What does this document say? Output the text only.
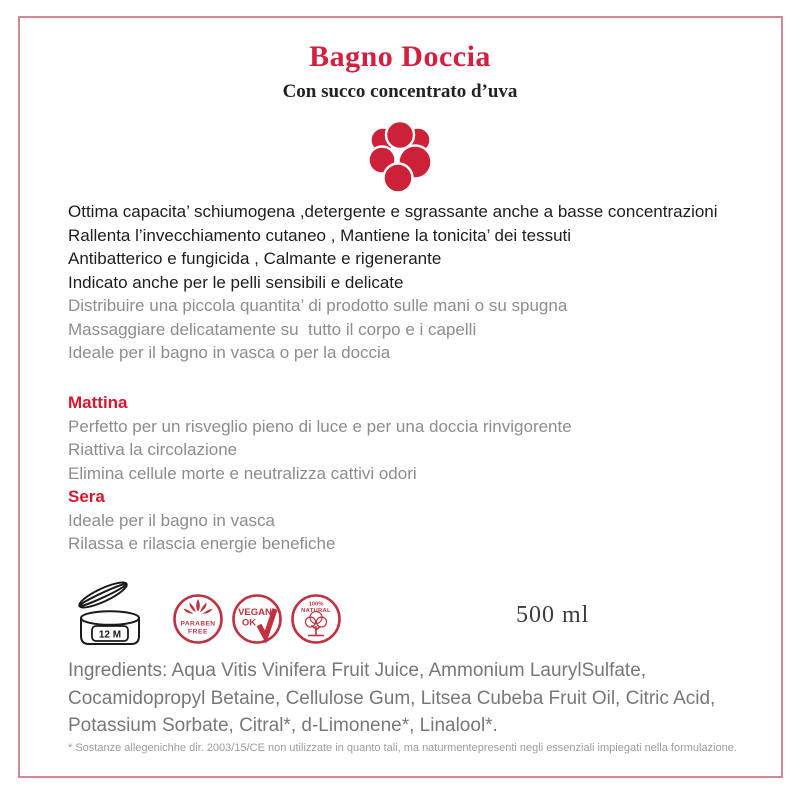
Bagno Doccia
Con succo concentrato d’uva
Ottima capacita’ schiumogena ,detergente e sgrassante anche a basse concentrazioni
Rallenta l’invecchiamento cutaneo , Mantiene la tonicita’ dei tessuti
Antibatterico e fungicida , Calmante e rigenerante
Indicato anche per le pelli sensibili e delicate
Distribuire una piccola quantita’ di prodotto sulle mani o su spugna
Massaggiare delicatamente su  tutto il corpo e i capelli
Ideale per il bagno in vasca o per la doccia
Mattina
Perfetto per un risveglio pieno di luce e per una doccia rinvigorente
Riattiva la circolazione
Elimina cellule morte e neutralizza cattivi odori
Sera
Ideale per il bagno in vasca
Rilassa e rilascia energie benefiche
12 M
PARABEN
FREE
VEGAN
OK
100%
NATURAL	500 ml
Ingredients: Aqua Vitis Vinifera Fruit Juice, Ammonium LaurylSulfate,
Cocamidopropyl Betaine, Cellulose Gum, Litsea Cubeba Fruit Oil, Citric Acid,
Potassium Sorbate, Citral*, d-Limonene*, Linalool*.
* Sostanze allegenichhe dir. 2003/15/CE non utilizzate in quanto tali, ma naturmentepresenti negli essenziali impiegati nella formulazione.
